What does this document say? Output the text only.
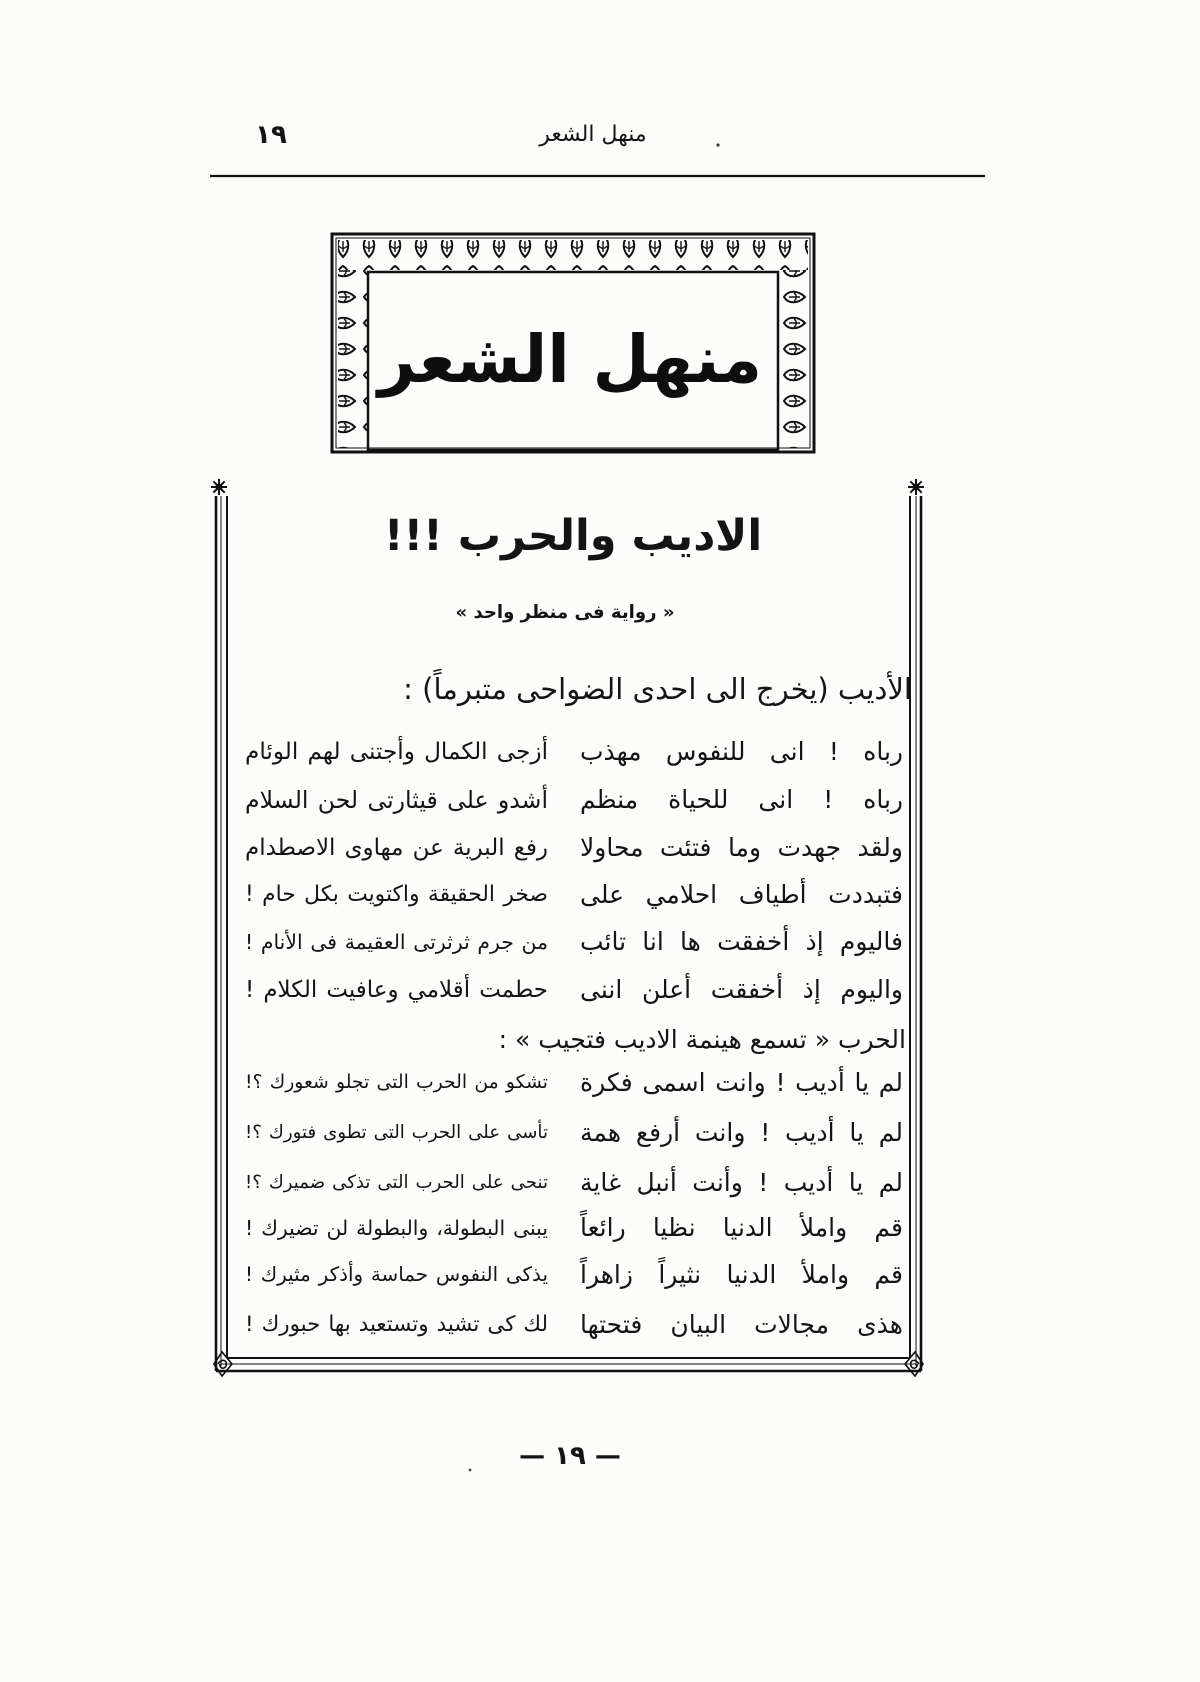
منهل الشعر
١٩
منهل الشعر
الاديب والحرب !!!
« رواية فى منظر واحد »
الأديب (يخرج الى احدى الضواحى متبرماً) :
رباه ! انى للنفوس مهذب
أزجى الكمال وأجتنى لهم الوئام
رباه ! انى للحياة منظم
أشدو على قيثارتى لحن السلام
ولقد جهدت وما فتئت محاولا
رفع البرية عن مهاوى الاصطدام
فتبددت أطياف احلامي على
صخر الحقيقة واكتويت بكل حام !
فاليوم إذ أخفقت ها انا تائب
من جرم ثرثرتى العقيمة فى الأنام !
واليوم إذ أخفقت أعلن اننى
حطمت أقلامي وعافيت الكلام !
الحرب « تسمع هينمة الاديب فتجيب » :
لم يا أديب ! وانت اسمى فكرة
تشكو من الحرب التى تجلو شعورك ؟!
لم يا أديب ! وانت أرفع همة
تأسى على الحرب التى تطوى فتورك ؟!
لم يا أديب ! وأنت أنبل غاية
تنحى على الحرب التى تذكى ضميرك ؟!
قم واملأ الدنيا نظيا رائعاً
يبنى البطولة، والبطولة لن تضيرك !
قم واملأ الدنيا نثيراً زاهراً
يذكى النفوس حماسة وأذكر مثيرك !
هذى مجالات البيان فتحتها
لك كى تشيد وتستعيد بها حبورك !
— ١٩ —
